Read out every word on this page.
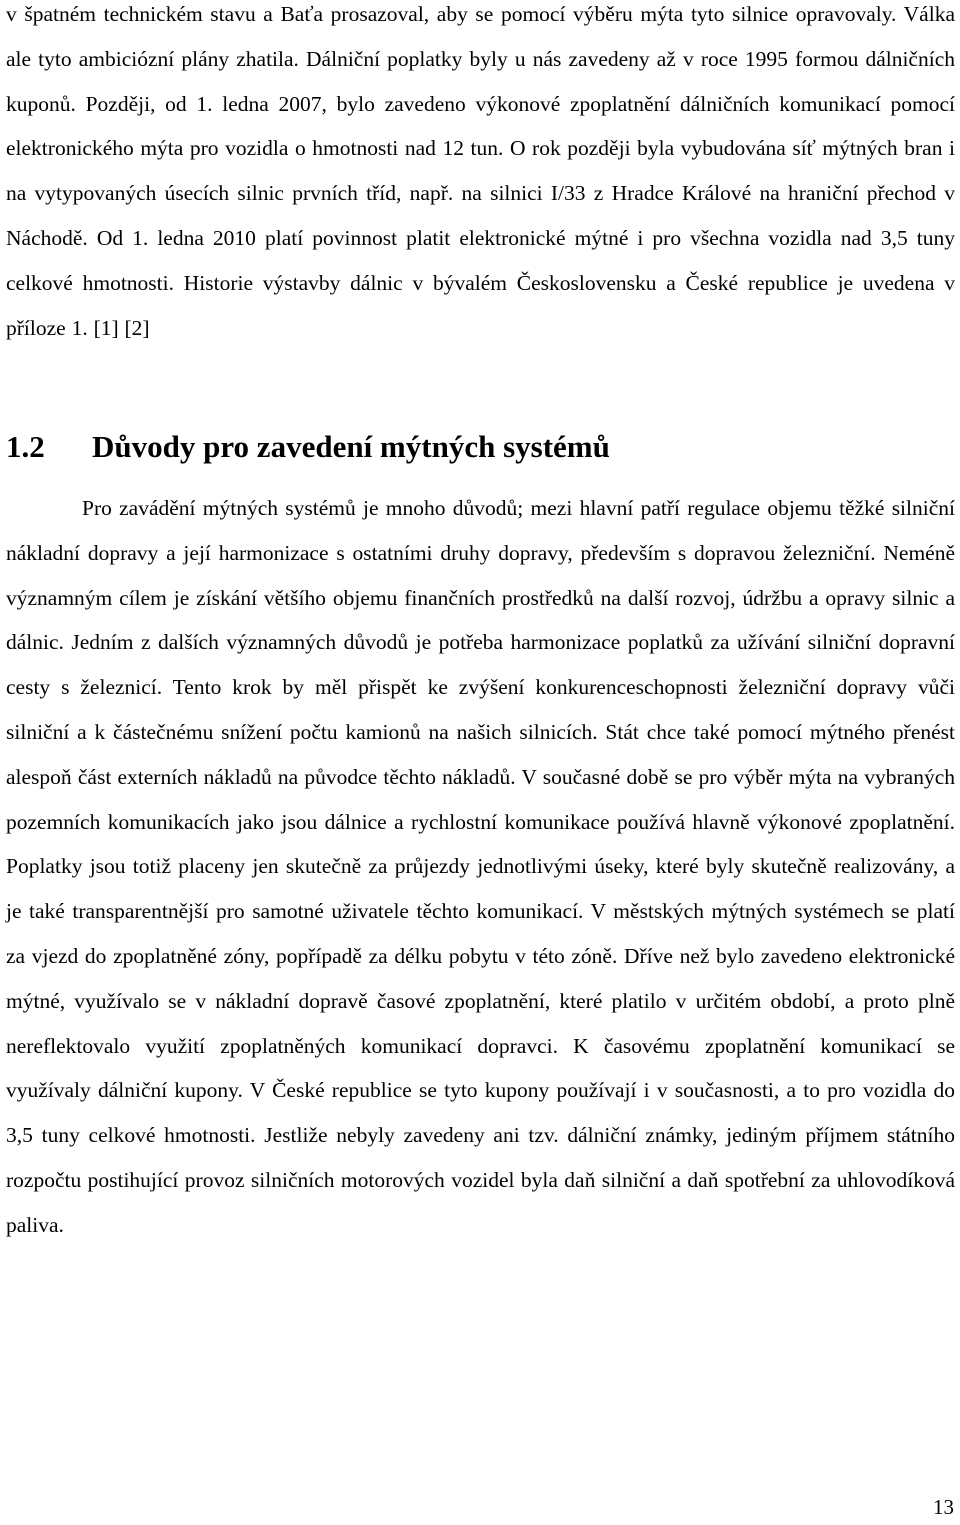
v špatném technickém stavu a Baťa prosazoval, aby se pomocí výběru mýta tyto silnice opravovaly. Válka ale tyto ambiciózní plány zhatila. Dálniční poplatky byly u nás zavedeny až v roce 1995 formou dálničních kuponů. Později, od 1. ledna 2007, bylo zavedeno výkonové zpoplatnění dálničních komunikací pomocí elektronického mýta pro vozidla o hmotnosti nad 12 tun. O rok později byla vybudována síť mýtných bran i na vytypovaných úsecích silnic prvních tříd, např. na silnici I/33 z Hradce Králové na hraniční přechod v Náchodě. Od 1. ledna 2010 platí povinnost platit elektronické mýtné i pro všechna vozidla nad 3,5 tuny celkové hmotnosti. Historie výstavby dálnic v bývalém Československu a České republice je uvedena v příloze 1. [1] [2]

1.2 Důvody pro zavedení mýtných systémů

Pro zavádění mýtných systémů je mnoho důvodů; mezi hlavní patří regulace objemu těžké silniční nákladní dopravy a její harmonizace s ostatními druhy dopravy, především s dopravou železniční. Neméně významným cílem je získání většího objemu finančních prostředků na další rozvoj, údržbu a opravy silnic a dálnic. Jedním z dalších významných důvodů je potřeba harmonizace poplatků za užívání silniční dopravní cesty s železnicí. Tento krok by měl přispět ke zvýšení konkurenceschopnosti železniční dopravy vůči silniční a k částečnému snížení počtu kamionů na našich silnicích. Stát chce také pomocí mýtného přenést alespoň část externích nákladů na původce těchto nákladů. V současné době se pro výběr mýta na vybraných pozemních komunikacích jako jsou dálnice a rychlostní komunikace používá hlavně výkonové zpoplatnění. Poplatky jsou totiž placeny jen skutečně za průjezdy jednotlivými úseky, které byly skutečně realizovány, a je také transparentnější pro samotné uživatele těchto komunikací. V městských mýtných systémech se platí za vjezd do zpoplatněné zóny, popřípadě za délku pobytu v této zóně. Dříve než bylo zavedeno elektronické mýtné, využívalo se v nákladní dopravě časové zpoplatnění, které platilo v určitém období, a proto plně nereflektovalo využití zpoplatněných komunikací dopravci. K časovému zpoplatnění komunikací se využívaly dálniční kupony. V České republice se tyto kupony používají i v současnosti, a to pro vozidla do 3,5 tuny celkové hmotnosti. Jestliže nebyly zavedeny ani tzv. dálniční známky, jediným příjmem státního rozpočtu postihující provoz silničních motorových vozidel byla daň silniční a daň spotřební za uhlovodíková paliva.

13
